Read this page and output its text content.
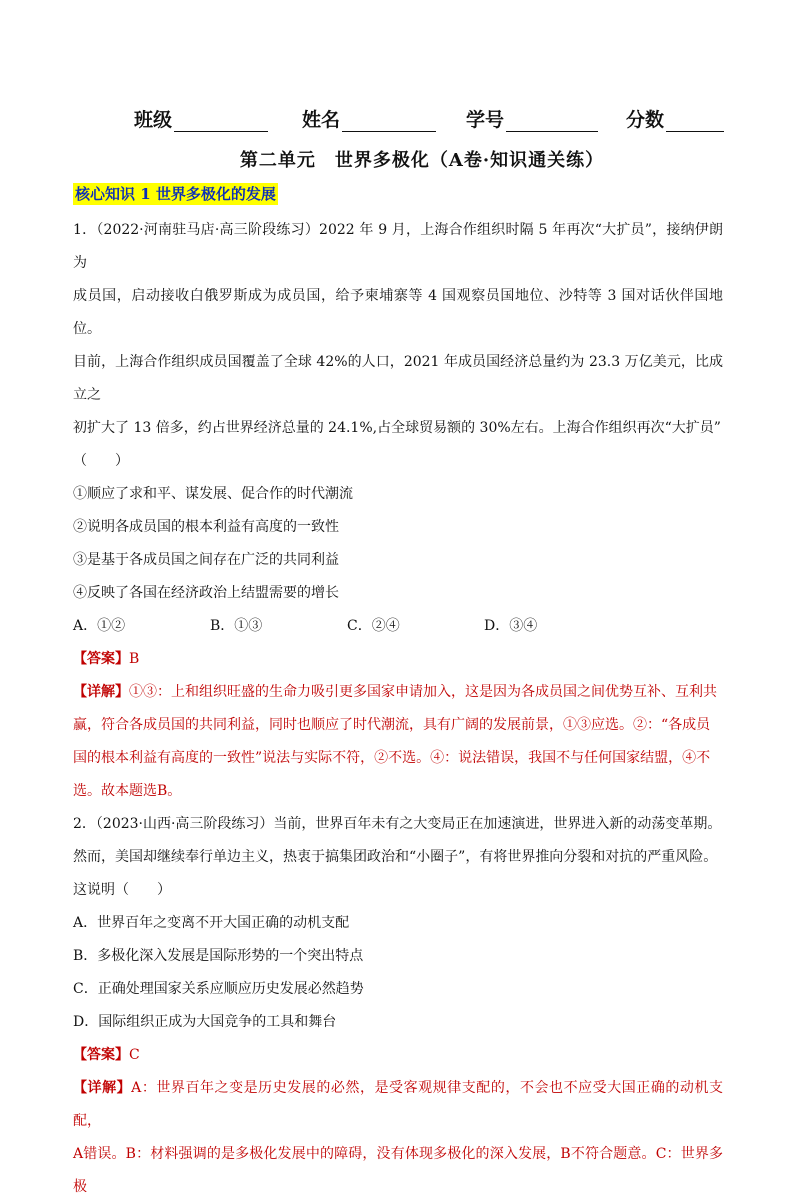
班级	姓名	学号	分数
第二单元　世界多极化（A卷·知识通关练）
核心知识 1 世界多极化的发展

1．（2022·河南驻马店·高三阶段练习）2022 年 9 月，上海合作组织时隔 5 年再次“大扩员”，接纳伊朗为

成员国，启动接收白俄罗斯成为成员国，给予柬埔寨等 4 国观察员国地位、沙特等 3 国对话伙伴国地位。

目前，上海合作组织成员国覆盖了全球 42%的人口，2021 年成员国经济总量约为 23.3 万亿美元，比成立之

初扩大了 13 倍多，约占世界经济总量的 24.1%,占全球贸易额的 30%左右。上海合作组织再次“大扩员”

（　　）

①顺应了求和平、谋发展、促合作的时代潮流

②说明各成员国的根本利益有高度的一致性

③是基于各成员国之间存在广泛的共同利益

④反映了各国在经济政治上结盟需要的增长

A．①②	B．①③	C．②④	D．③④

【答案】B

【详解】①③：上和组织旺盛的生命力吸引更多国家申请加入，这是因为各成员国之间优势互补、互利共

赢，符合各成员国的共同利益，同时也顺应了时代潮流，具有广阔的发展前景，①③应选。②：“各成员

国的根本利益有高度的一致性”说法与实际不符，②不选。④：说法错误，我国不与任何国家结盟，④不

选。故本题选B。

2．（2023·山西·高三阶段练习）当前，世界百年未有之大变局正在加速演进，世界进入新的动荡变革期。

然而，美国却继续奉行单边主义，热衷于搞集团政治和“小圈子”，有将世界推向分裂和对抗的严重风险。

这说明（　　）

A．世界百年之变离不开大国正确的动机支配

B．多极化深入发展是国际形势的一个突出特点

C．正确处理国家关系应顺应历史发展必然趋势

D．国际组织正成为大国竞争的工具和舞台

【答案】C

【详解】A：世界百年之变是历史发展的必然，是受客观规律支配的，不会也不应受大国正确的动机支配，

A错误。B：材料强调的是多极化发展中的障碍，没有体现多极化的深入发展，B不符合题意。C：世界多极
